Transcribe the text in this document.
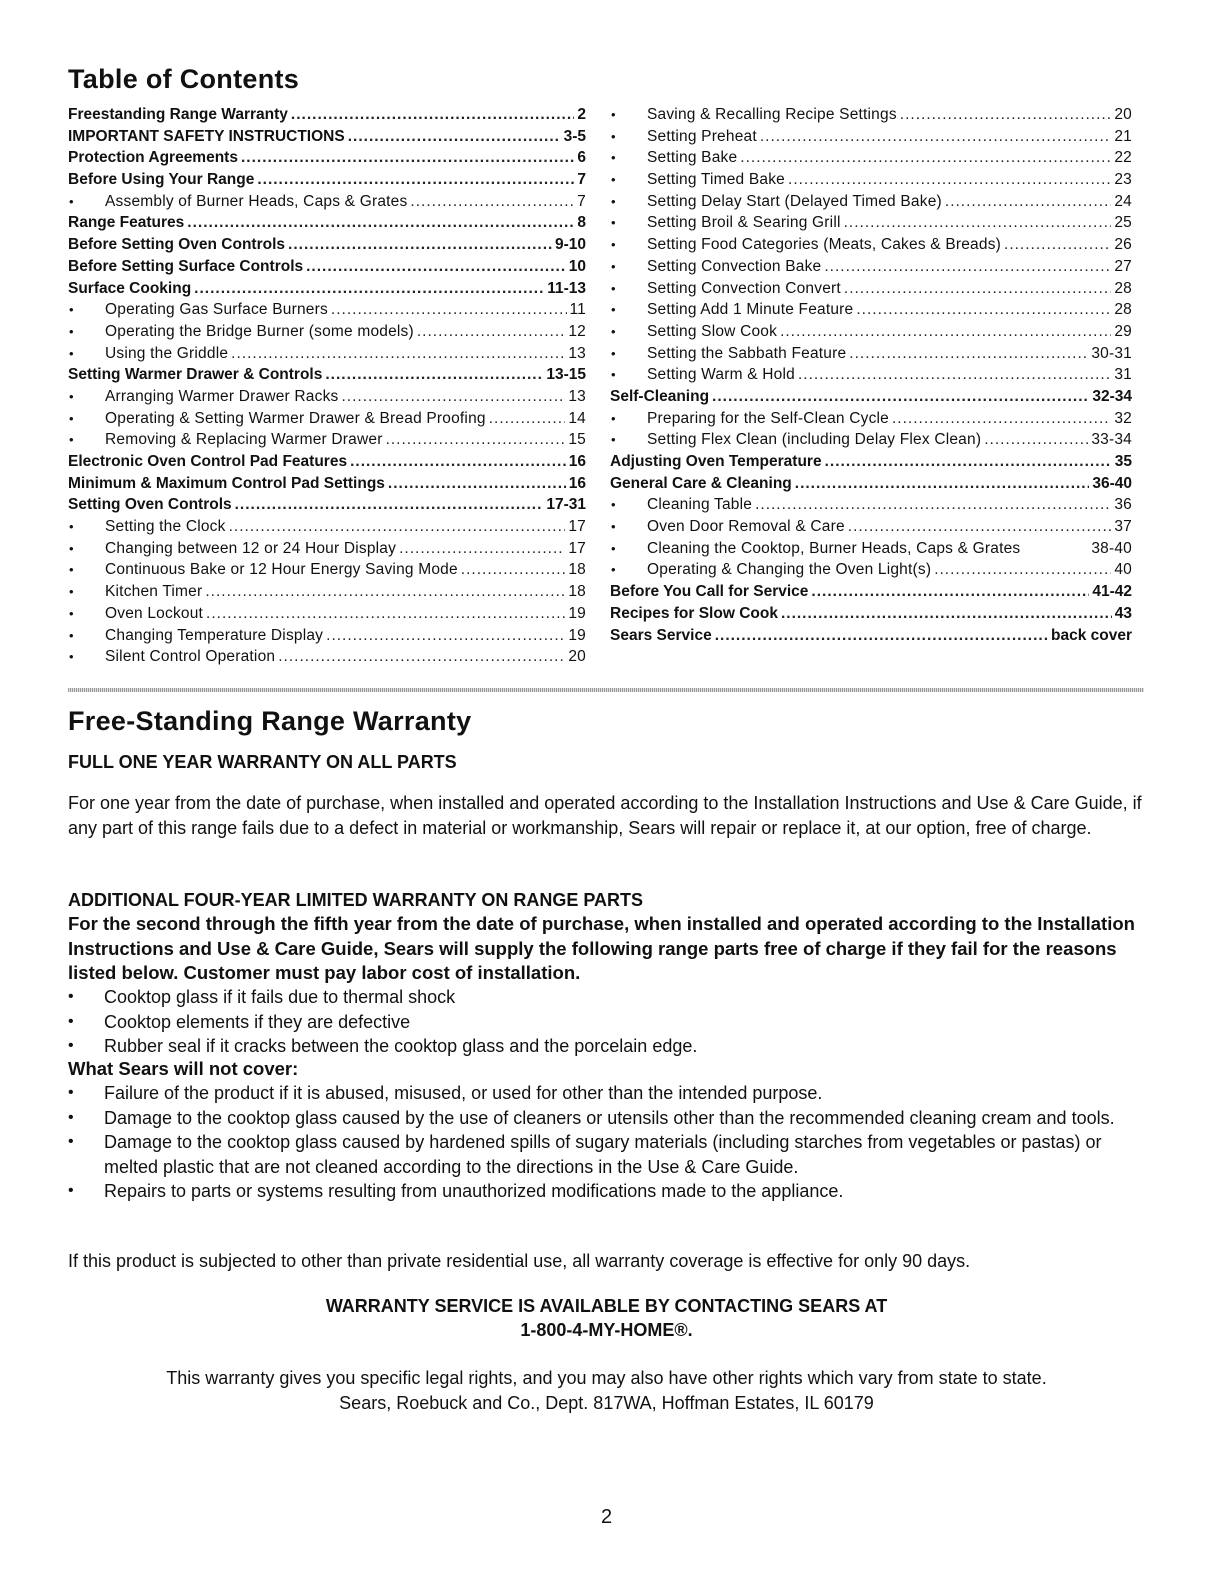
Table of Contents
Freestanding Range Warranty .....	2
IMPORTANT SAFETY INSTRUCTIONS .....	3-5
Protection Agreements .....	6
Before Using Your Range .....	7
•	Assembly of Burner Heads, Caps & Grates .....	7
Range Features .....	8
Before Setting Oven Controls .....	9-10
Before Setting Surface Controls .....	10
Surface Cooking .....	11-13
•	Operating Gas Surface Burners .....	11
•	Operating the Bridge Burner (some models) .....	12
•	Using the Griddle .....	13
Setting Warmer Drawer & Controls .....	13-15
•	Arranging Warmer Drawer Racks .....	13
•	Operating & Setting Warmer Drawer & Bread Proofing .....	14
•	Removing & Replacing Warmer Drawer .....	15
Electronic Oven Control Pad Features .....	16
Minimum & Maximum Control Pad Settings .....	16
Setting Oven Controls .....	17-31
•	Setting the Clock .....	17
•	Changing between 12 or 24 Hour Display .....	17
•	Continuous Bake or 12 Hour Energy Saving Mode .....	18
•	Kitchen Timer .....	18
•	Oven Lockout .....	19
•	Changing Temperature Display .....	19
•	Silent Control Operation .....	20
•	Saving & Recalling Recipe Settings .....	20
•	Setting Preheat .....	21
•	Setting Bake .....	22
•	Setting Timed Bake .....	23
•	Setting Delay Start (Delayed Timed Bake) .....	24
•	Setting Broil & Searing Grill .....	25
•	Setting Food Categories (Meats, Cakes & Breads) .....	26
•	Setting Convection Bake .....	27
•	Setting Convection Convert .....	28
•	Setting Add 1 Minute Feature .....	28
•	Setting Slow Cook .....	29
•	Setting the Sabbath Feature .....	30-31
•	Setting Warm & Hold .....	31
Self-Cleaning .....	32-34
•	Preparing for the Self-Clean Cycle .....	32
•	Setting Flex Clean (including Delay Flex Clean) .....	33-34
Adjusting Oven Temperature .....	35
General Care & Cleaning .....	36-40
•	Cleaning Table .....	36
•	Oven Door Removal & Care .....	37
•	Cleaning the Cooktop, Burner Heads, Caps & Grates	38-40
•	Operating & Changing the Oven Light(s) .....	40
Before You Call for Service .....	41-42
Recipes for Slow Cook .....	43
Sears Service .....	back cover
Free-Standing Range Warranty
FULL ONE YEAR WARRANTY ON ALL PARTS
For one year from the date of purchase, when installed and operated according to the Installation Instructions and Use & Care Guide, if any part of this range fails due to a defect in material or workmanship, Sears will repair or replace it, at our option, free of charge.
ADDITIONAL FOUR-YEAR LIMITED WARRANTY ON RANGE PARTS
For the second through the fifth year from the date of purchase, when installed and operated according to the Installation Instructions and Use & Care Guide, Sears will supply the following range parts free of charge if they fail for the reasons listed below. Customer must pay labor cost of installation.
•	Cooktop glass if it fails due to thermal shock
•	Cooktop elements if they are defective
•	Rubber seal if it cracks between the cooktop glass and the porcelain edge.
What Sears will not cover:
•	Failure of the product if it is abused, misused, or used for other than the intended purpose.
•	Damage to the cooktop glass caused by the use of cleaners or utensils other than the recommended cleaning cream and tools.
•	Damage to the cooktop glass caused by hardened spills of sugary materials (including starches from vegetables or pastas) or melted plastic that are not cleaned according to the directions in the Use & Care Guide.
•	Repairs to parts or systems resulting from unauthorized modifications made to the appliance.
If this product is subjected to other than private residential use, all warranty coverage is effective for only 90 days.
WARRANTY SERVICE IS AVAILABLE BY CONTACTING SEARS AT
1-800-4-MY-HOME®.
This warranty gives you specific legal rights, and you may also have other rights which vary from state to state.
Sears, Roebuck and Co., Dept. 817WA, Hoffman Estates, IL 60179
2
